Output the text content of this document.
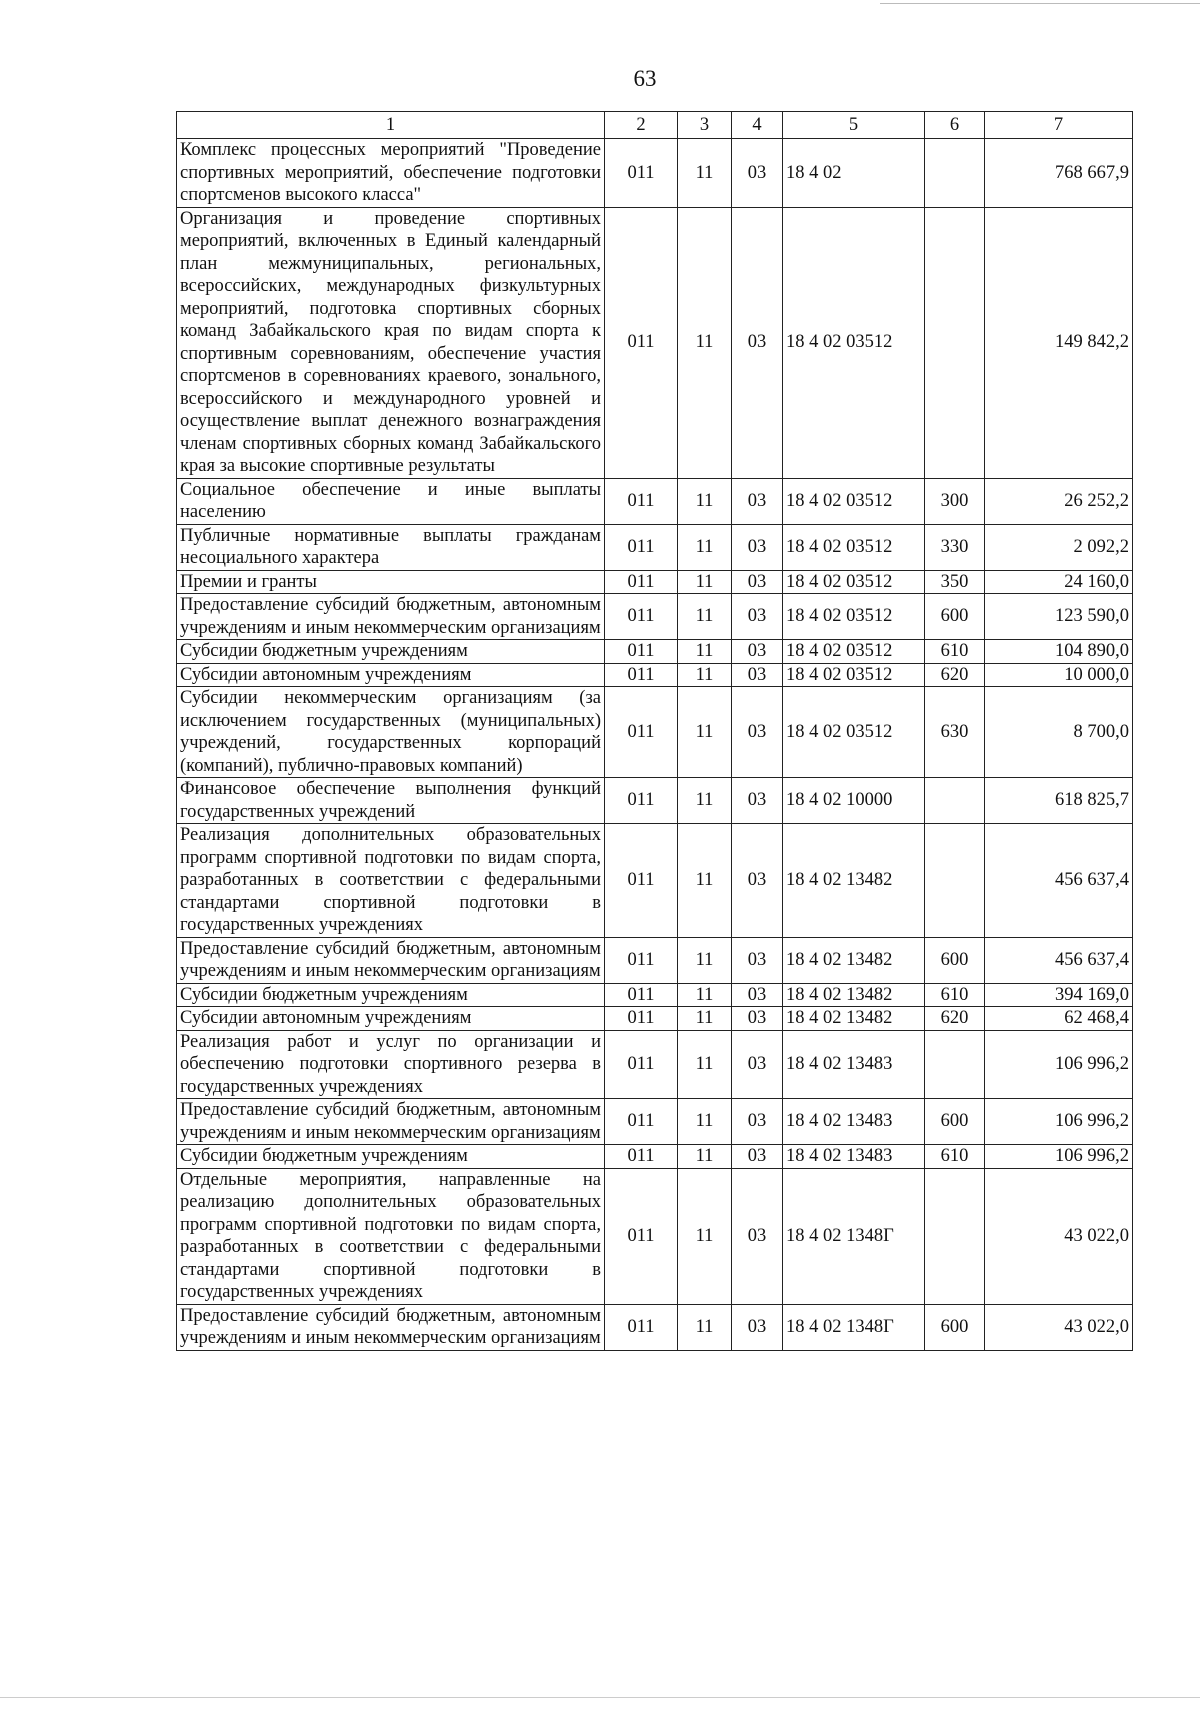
63
1	2	3	4	5	6	7
Комплекс процессных мероприятий "Проведение спортивных мероприятий, обеспечение подготовки спортсменов высокого класса"	011	11	03	18 4 02		768 667,9
Организация и проведение спортивных мероприятий, включенных в Единый календарный план межмуниципальных, региональных, всероссийских, международных физкультурных мероприятий, подготовка спортивных сборных команд Забайкальского края по видам спорта к спортивным соревнованиям, обеспечение участия спортсменов в соревнованиях краевого, зонального, всероссийского и международного уровней и осуществление выплат денежного вознаграждения членам спортивных сборных команд Забайкальского края за высокие спортивные результаты	011	11	03	18 4 02 03512		149 842,2
Социальное обеспечение и иные выплаты населению	011	11	03	18 4 02 03512	300	26 252,2
Публичные нормативные выплаты гражданам несоциального характера	011	11	03	18 4 02 03512	330	2 092,2
Премии и гранты	011	11	03	18 4 02 03512	350	24 160,0
Предоставление субсидий бюджетным, автономным учреждениям и иным некоммерческим организациям	011	11	03	18 4 02 03512	600	123 590,0
Субсидии бюджетным учреждениям	011	11	03	18 4 02 03512	610	104 890,0
Субсидии автономным учреждениям	011	11	03	18 4 02 03512	620	10 000,0
Субсидии некоммерческим организациям (за исключением государственных (муниципальных) учреждений, государственных корпораций (компаний), публично-правовых компаний)	011	11	03	18 4 02 03512	630	8 700,0
Финансовое обеспечение выполнения функций государственных учреждений	011	11	03	18 4 02 10000		618 825,7
Реализация дополнительных образовательных программ спортивной подготовки по видам спорта, разработанных в соответствии с федеральными стандартами спортивной подготовки в государственных учреждениях	011	11	03	18 4 02 13482		456 637,4
Предоставление субсидий бюджетным, автономным учреждениям и иным некоммерческим организациям	011	11	03	18 4 02 13482	600	456 637,4
Субсидии бюджетным учреждениям	011	11	03	18 4 02 13482	610	394 169,0
Субсидии автономным учреждениям	011	11	03	18 4 02 13482	620	62 468,4
Реализация работ и услуг по организации и обеспечению подготовки спортивного резерва в государственных учреждениях	011	11	03	18 4 02 13483		106 996,2
Предоставление субсидий бюджетным, автономным учреждениям и иным некоммерческим организациям	011	11	03	18 4 02 13483	600	106 996,2
Субсидии бюджетным учреждениям	011	11	03	18 4 02 13483	610	106 996,2
Отдельные мероприятия, направленные на реализацию дополнительных образовательных программ спортивной подготовки по видам спорта, разработанных в соответствии с федеральными стандартами спортивной подготовки в государственных учреждениях	011	11	03	18 4 02 1348Г		43 022,0
Предоставление субсидий бюджетным, автономным учреждениям и иным некоммерческим организациям	011	11	03	18 4 02 1348Г	600	43 022,0
